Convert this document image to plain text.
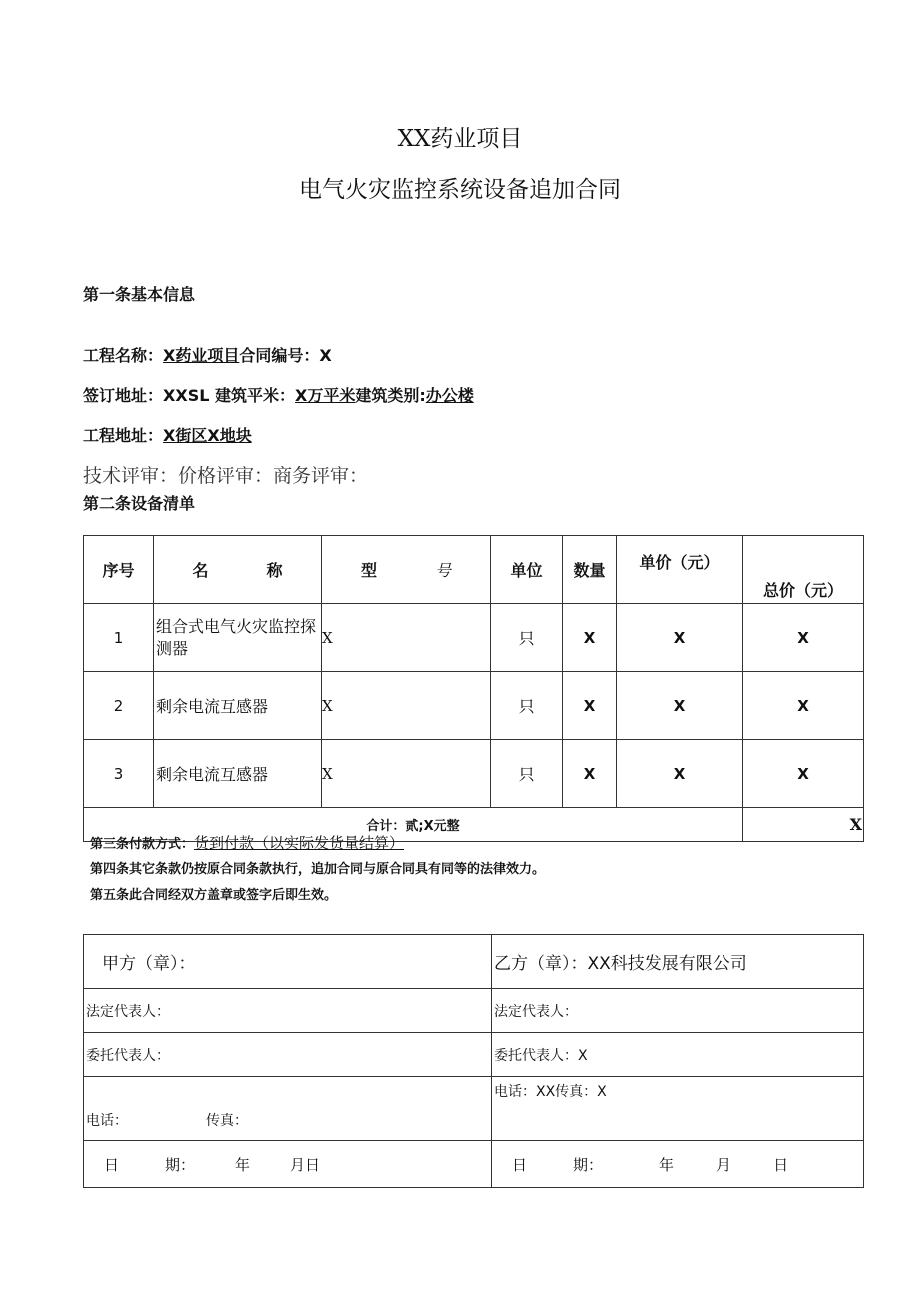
XX药业项目
电气火灾监控系统设备追加合同
第一条基本信息
工程名称：X药业项目合同编号：X
签订地址：XXSL 建筑平米：X万平米建筑类别:办公楼
工程地址：X街区X地块
技术评审：价格评审：商务评审：
第二条设备清单
序号	名 称	型 号	单位	数量	单价（元）	总价（元）
1	组合式电气火灾监控探测器	X	只	X	X	X
2	剩余电流互感器	X	只	X	X	X
3	剩余电流互感器	X	只	X	X	X
合计：贰;X元整						X
第三条付款方式：货到付款（以实际发货量结算）
第四条其它条款仍按原合同条款执行，追加合同与原合同具有同等的法律效力。
第五条此合同经双方盖章或签字后即生效。
甲方（章）：	乙方（章）：XX科技发展有限公司
法定代表人：	法定代表人：
委托代表人：	委托代表人：X
电话： 传真：	电话：XX传真：X
日 期： 年 月日	日 期： 年 月 日
